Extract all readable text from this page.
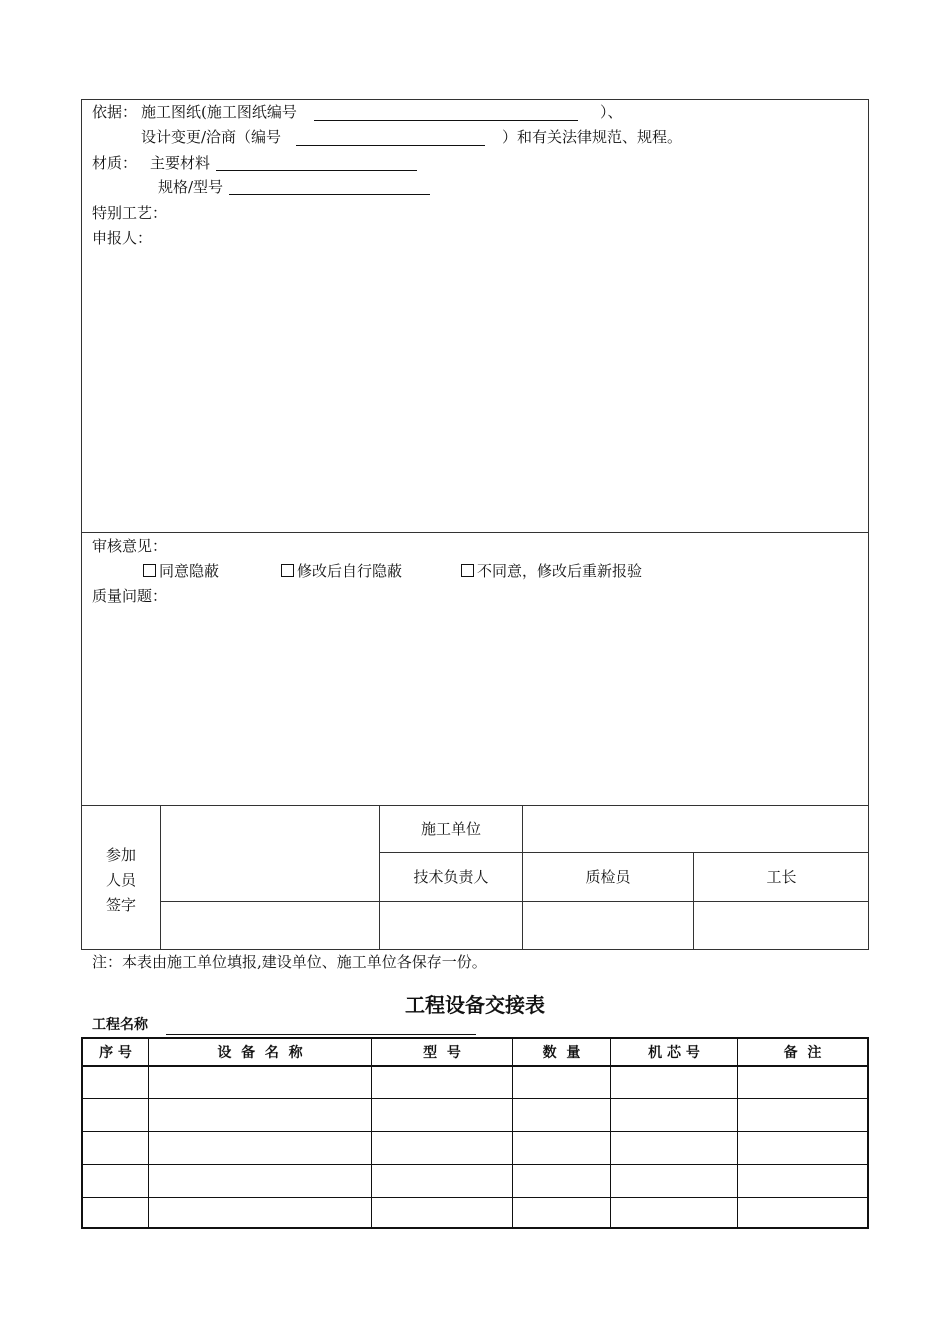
依据： 施工图纸(施工图纸编号	）、
设计变更/洽商（编号	）和有关法律规范、规程。
材质： 主要材料
规格/型号
特别工艺：
申报人：
审核意见：
同意隐蔽	修改后自行隐蔽	不同意，修改后重新报验
质量问题：
参加
人员
签字
施工单位
技术负责人	质检员	工长
注：本表由施工单位填报,建设单位、施工单位各保存一份。
工程设备交接表
工程名称
序 号	设  备  名  称	型  号	数  量	机 芯 号	备  注
